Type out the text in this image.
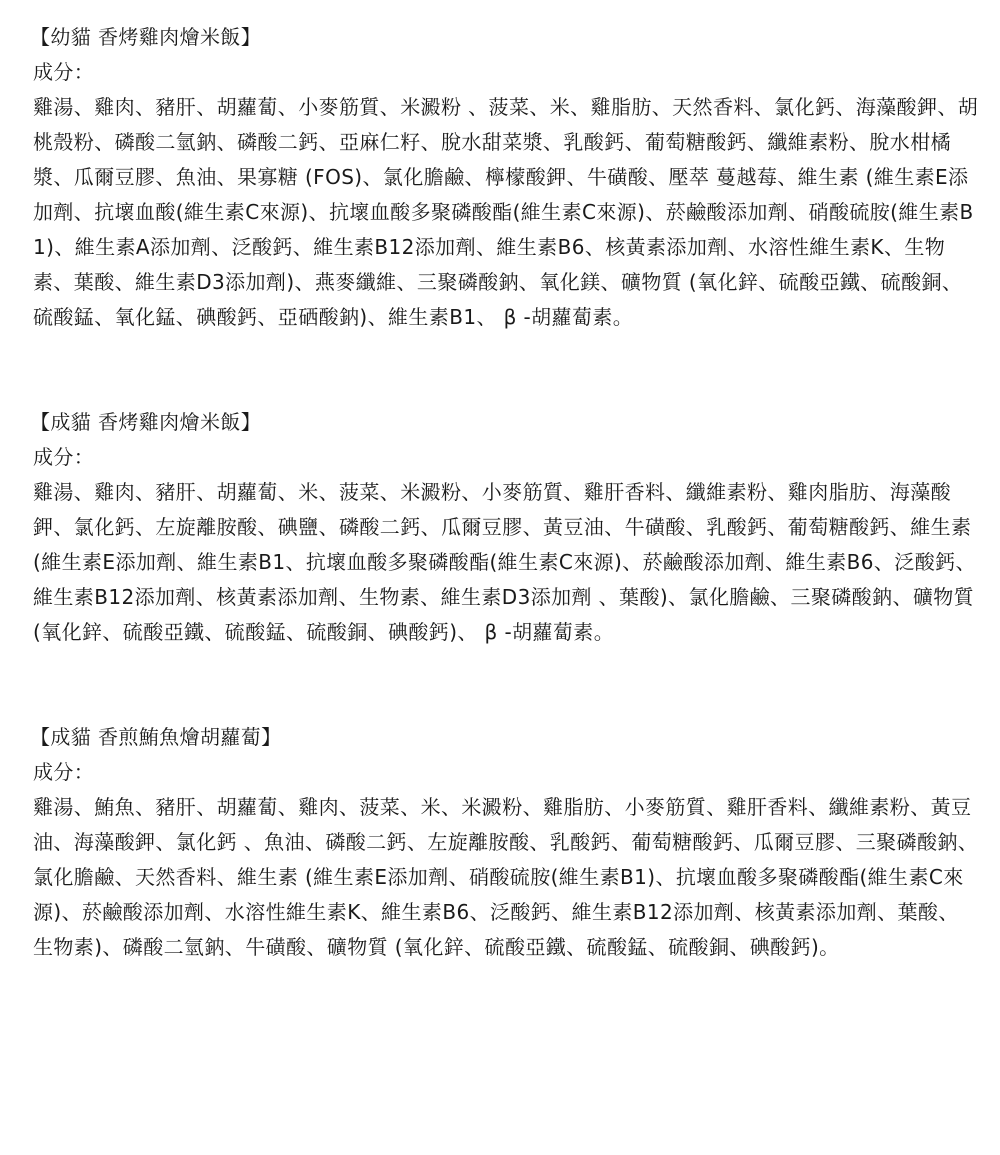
【幼貓 香烤雞肉燴米飯】

成分：

雞湯、雞肉、豬肝、胡蘿蔔、小麥筋質、米澱粉 、菠菜、米、雞脂肪、天然香料、氯化鈣、海藻酸鉀、胡桃殼粉、磷酸二氫鈉、磷酸二鈣、亞麻仁籽、脫水甜菜漿、乳酸鈣、葡萄糖酸鈣、纖維素粉、脫水柑橘漿、瓜爾豆膠、魚油、果寡糖 (FOS)、氯化膽鹼、檸檬酸鉀、牛磺酸、壓萃 蔓越莓、維生素 (維生素E添加劑、抗壞血酸(維生素C來源)、抗壞血酸多聚磷酸酯(維生素C來源)、菸鹼酸添加劑、硝酸硫胺(維生素B1)、維生素A添加劑、泛酸鈣、維生素B12添加劑、維生素B6、核黃素添加劑、水溶性維生素K、生物素、葉酸、維生素D3添加劑)、燕麥纖維、三聚磷酸鈉、氧化鎂、礦物質 (氧化鋅、硫酸亞鐵、硫酸銅、硫酸錳、氧化錳、碘酸鈣、亞硒酸鈉)、維生素B1、 β -胡蘿蔔素。

【成貓 香烤雞肉燴米飯】

成分：

雞湯、雞肉、豬肝、胡蘿蔔、米、菠菜、米澱粉、小麥筋質、雞肝香料、纖維素粉、雞肉脂肪、海藻酸鉀、氯化鈣、左旋離胺酸、碘鹽、磷酸二鈣、瓜爾豆膠、黃豆油、牛磺酸、乳酸鈣、葡萄糖酸鈣、維生素(維生素E添加劑、維生素B1、抗壞血酸多聚磷酸酯(維生素C來源)、菸鹼酸添加劑、維生素B6、泛酸鈣、維生素B12添加劑、核黃素添加劑、生物素、維生素D3添加劑 、葉酸)、氯化膽鹼、三聚磷酸鈉、礦物質(氧化鋅、硫酸亞鐵、硫酸錳、硫酸銅、碘酸鈣)、 β -胡蘿蔔素。

【成貓 香煎鮪魚燴胡蘿蔔】

成分：

雞湯、鮪魚、豬肝、胡蘿蔔、雞肉、菠菜、米、米澱粉、雞脂肪、小麥筋質、雞肝香料、纖維素粉、黃豆油、海藻酸鉀、氯化鈣 、魚油、磷酸二鈣、左旋離胺酸、乳酸鈣、葡萄糖酸鈣、瓜爾豆膠、三聚磷酸鈉、氯化膽鹼、天然香料、維生素 (維生素E添加劑、硝酸硫胺(維生素B1)、抗壞血酸多聚磷酸酯(維生素C來源)、菸鹼酸添加劑、水溶性維生素K、維生素B6、泛酸鈣、維生素B12添加劑、核黃素添加劑、葉酸、生物素)、磷酸二氫鈉、牛磺酸、礦物質 (氧化鋅、硫酸亞鐵、硫酸錳、硫酸銅、碘酸鈣)。
